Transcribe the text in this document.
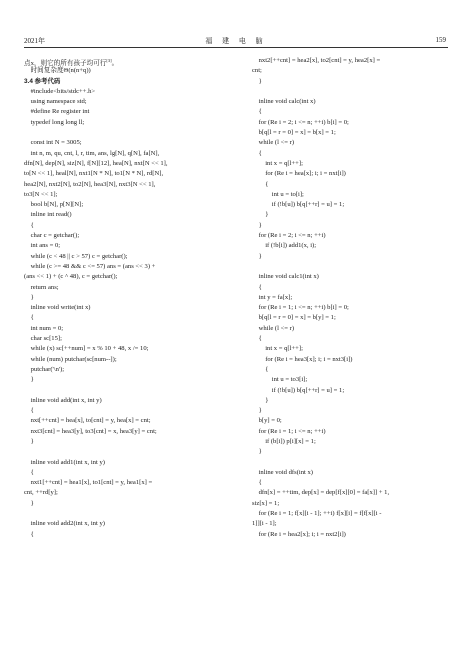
2021年	福 建 电 脑	159
点x，则它的所有孩子均可行[3]。
时间复杂度Θ(n(n+q))
3.4 参考代码
#include<bits/stdc++.h>
using namespace std;
#define Re register int
typedef long long ll;
const int N = 3005;
int n, m, qu, cnt, l, r, tim, ans, lg[N], q[N], fa[N],
dfn[N], dep[N], siz[N], f[N][12], hea[N], nxt[N << 1],
to[N << 1], heal[N], nxt1[N * N], to1[N * N], rd[N],
hea2[N], nxt2[N], to2[N], hea3[N], nxt3[N << 1],
to3[N << 1];
bool b[N], p[N][N];
inline int read()
{
char c = getchar();
int ans = 0;
while (c < 48 || c > 57) c = getchar();
while (c >= 48 && c <= 57) ans = (ans << 3) +
(ans << 1) + (c ^ 48), c = getchar();
return ans;
}
inline void write(int x)
{
int num = 0;
char sc[15];
while (x) sc[++num] = x % 10 + 48, x /= 10;
while (num) putchar(sc[num--]);
putchar('\n');
}
inline void add(int x, int y)
{
nxt[++cnt] = hea[x], to[cnt] = y, hea[x] = cnt;
nxt3[cnt] = hea3[y], to3[cnt] = x, hea3[y] = cnt;
}
inline void add1(int x, int y)
{
nxt1[++cnt] = hea1[x], to1[cnt] = y, hea1[x] =
cnt, ++rd[y];
}
inline void add2(int x, int y)
{
nxt2[++cnt] = hea2[x], to2[cnt] = y, hea2[x] =
cnt;
}
inline void calc(int x)
{
for (Re i = 2; i <= n; ++i) b[i] = 0;
b[q[l = r = 0] = x] = b[x] = 1;
while (l <= r)
{
int x = q[l++];
for (Re i = hea[x]; i; i = nxt[i])
{
int u = to[i];
if (!b[u]) b[q[++r] = u] = 1;
}
}
for (Re i = 2; i <= n; ++i)
if (!b[i]) add1(x, i);
}
inline void calc1(int x)
{
int y = fa[x];
for (Re i = 1; i <= n; ++i) b[i] = 0;
b[q[l = r = 0] = x] = b[y] = 1;
while (l <= r)
{
int x = q[l++];
for (Re i = hea3[x]; i; i = nxt3[i])
{
int u = to3[i];
if (!b[u]) b[q[++r] = u] = 1;
}
}
b[y] = 0;
for (Re i = 1; i <= n; ++i)
if (b[i]) p[i][x] = 1;
}
inline void dfs(int x)
{
dfn[x] = ++tim, dep[x] = dep[f[x][0] = fa[x]] + 1,
siz[x] = 1;
for (Re i = 1; f[x][i - 1]; ++i) f[x][i] = f[f[x][i -
1]][i - 1];
for (Re i = hea2[x]; i; i = nxt2[i])
